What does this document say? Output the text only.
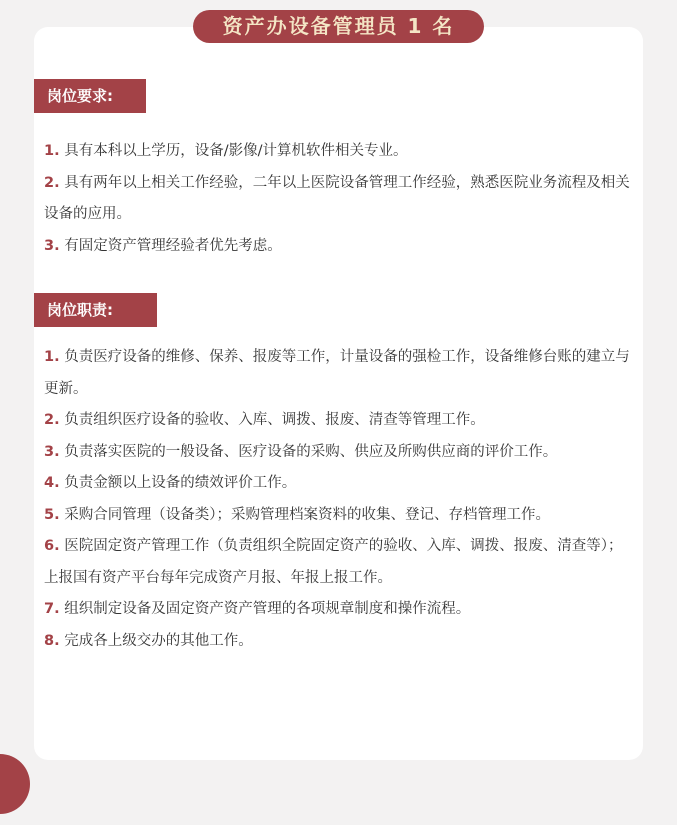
资产办设备管理员 1 名
岗位要求:
1. 具有本科以上学历，设备/影像/计算机软件相关专业。
2. 具有两年以上相关工作经验，二年以上医院设备管理工作经验，熟悉医院业务流程及相关设备的应用。
3. 有固定资产管理经验者优先考虑。
岗位职责:
1. 负责医疗设备的维修、保养、报废等工作，计量设备的强检工作，设备维修台账的建立与更新。
2. 负责组织医疗设备的验收、入库、调拨、报废、清查等管理工作。
3. 负责落实医院的一般设备、医疗设备的采购、供应及所购供应商的评价工作。
4. 负责金额以上设备的绩效评价工作。
5. 采购合同管理（设备类）；采购管理档案资料的收集、登记、存档管理工作。
6. 医院固定资产管理工作（负责组织全院固定资产的验收、入库、调拨、报废、清查等）；上报国有资产平台每年完成资产月报、年报上报工作。
7. 组织制定设备及固定资产资产管理的各项规章制度和操作流程。
8. 完成各上级交办的其他工作。
